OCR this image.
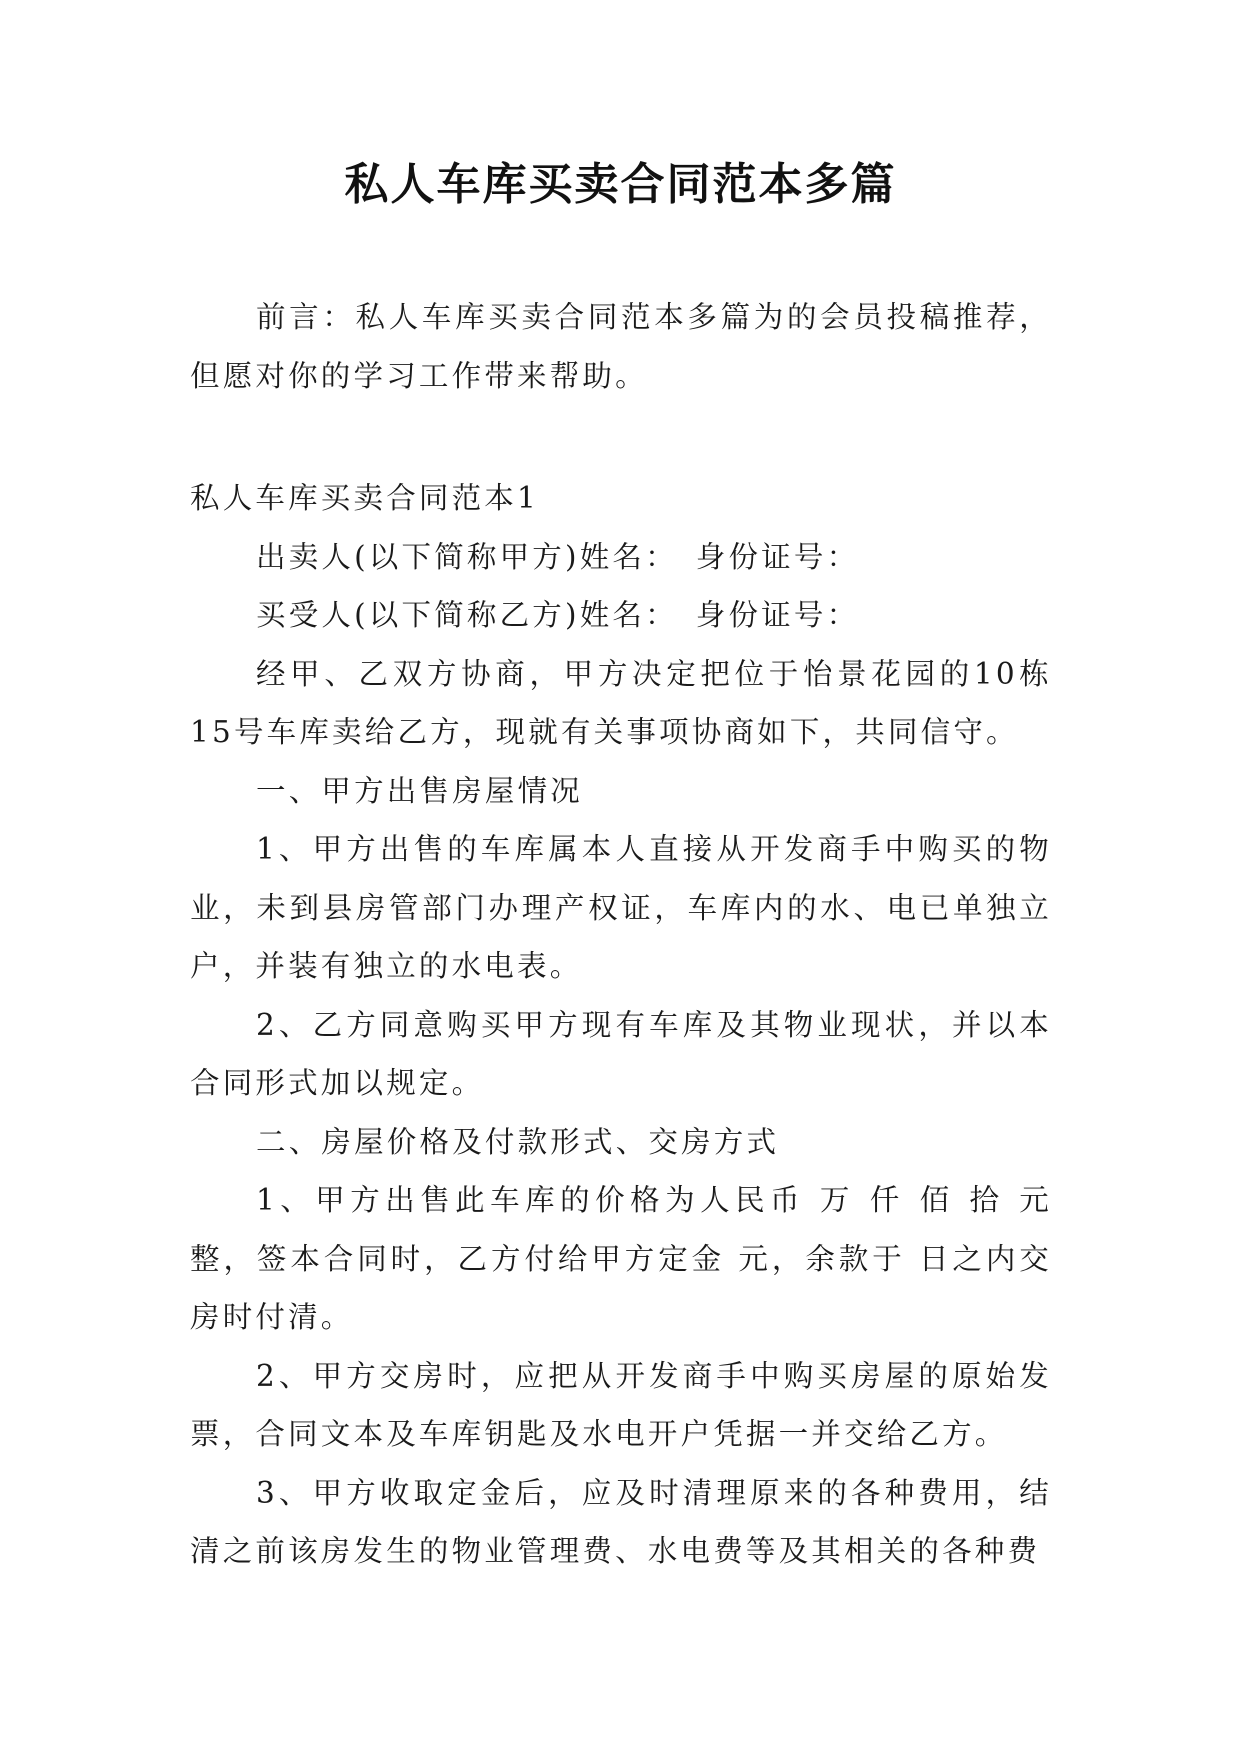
私人车库买卖合同范本多篇

前言：私人车库买卖合同范本多篇为的会员投稿推荐，但愿对你的学习工作带来帮助。

私人车库买卖合同范本1

出卖人(以下简称甲方)姓名：　身份证号：

买受人(以下简称乙方)姓名：　身份证号：

经甲、乙双方协商，甲方决定把位于怡景花园的10栋15号车库卖给乙方，现就有关事项协商如下，共同信守。

一、甲方出售房屋情况

1、甲方出售的车库属本人直接从开发商手中购买的物业，未到县房管部门办理产权证，车库内的水、电已单独立户，并装有独立的水电表。

2、乙方同意购买甲方现有车库及其物业现状，并以本合同形式加以规定。

二、房屋价格及付款形式、交房方式

1、甲方出售此车库的价格为人民币 万 仟 佰 拾 元整，签本合同时，乙方付给甲方定金 元，余款于 日之内交房时付清。

2、甲方交房时，应把从开发商手中购买房屋的原始发票，合同文本及车库钥匙及水电开户凭据一并交给乙方。

3、甲方收取定金后，应及时清理原来的各种费用，结清之前该房发生的物业管理费、水电费等及其相关的各种费
